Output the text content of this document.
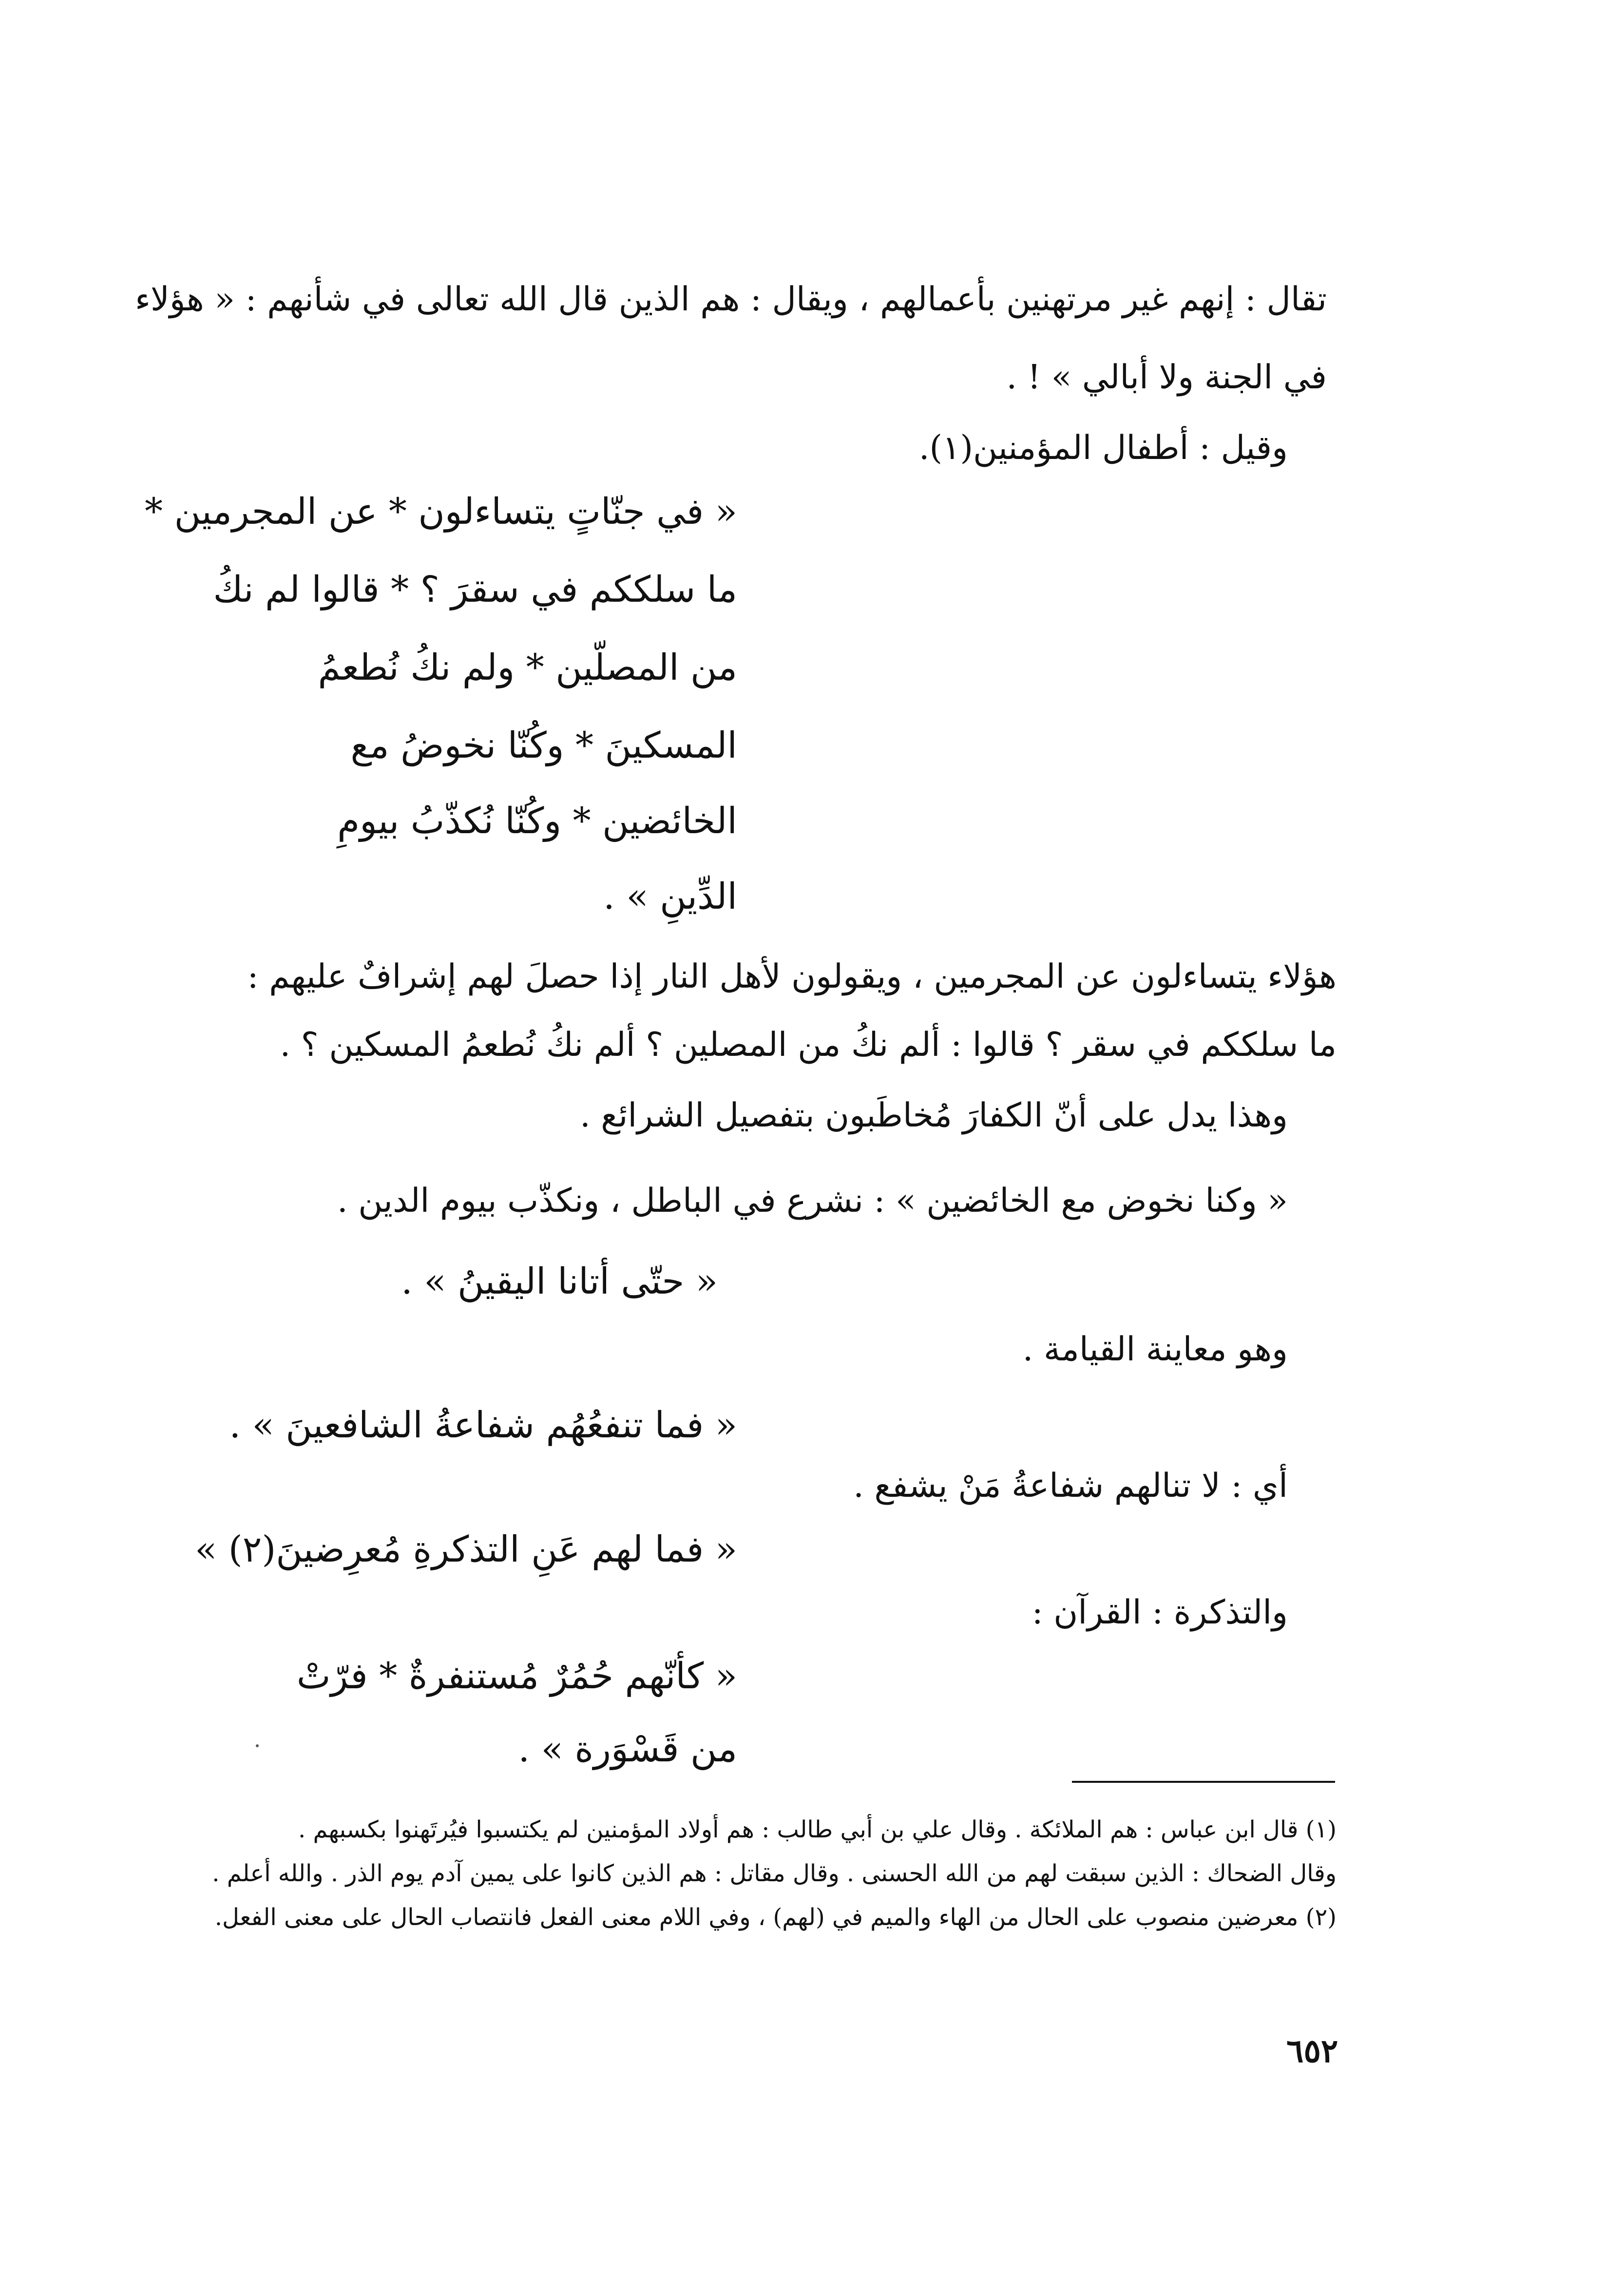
تقال : إنهم غير مرتهنين بأعمالهم ، ويقال : هم الذين قال الله تعالى في شأنهم : « هؤلاء
في الجنة ولا أبالي » ! .
وقيل : أطفال المؤمنين(١).
« في جنّاتٍ يتساءلون * عن المجرمين *
ما سلككم في سقرَ ؟ * قالوا لم نكُ
من المصلّين * ولم نكُ نُطعمُ
المسكينَ * وكُنّا نخوضُ مع
الخائضين * وكُنّا نُكذّبُ بيومِ
الدِّينِ » .
هؤلاء يتساءلون عن المجرمين ، ويقولون لأهل النار إذا حصلَ لهم إشرافٌ عليهم :
ما سلككم في سقر ؟ قالوا : ألم نكُ من المصلين ؟ ألم نكُ نُطعمُ المسكين ؟ .
وهذا يدل على أنّ الكفارَ مُخاطَبون بتفصيل الشرائع .
« وكنا نخوض مع الخائضين » : نشرع في الباطل ، ونكذّب بيوم الدين .
« حتّى أتانا اليقينُ » .
وهو معاينة القيامة .
« فما تنفعُهُم شفاعةُ الشافعينَ » .
أي : لا تنالهم شفاعةُ مَنْ يشفع .
« فما لهم عَنِ التذكرةِ مُعرِضينَ(٢) »
والتذكرة : القرآن :
« كأنّهم حُمُرٌ مُستنفرةٌ * فرّتْ
من قَسْوَرة » .
(١) قال ابن عباس : هم الملائكة . وقال علي بن أبي طالب : هم أولاد المؤمنين لم يكتسبوا فيُرتَهنوا بكسبهم .
وقال الضحاك : الذين سبقت لهم من الله الحسنى . وقال مقاتل : هم الذين كانوا على يمين آدم يوم الذر . والله أعلم .
(٢) معرضين منصوب على الحال من الهاء والميم في (لهم) ، وفي اللام معنى الفعل فانتصاب الحال على معنى الفعل.
٦٥٢
